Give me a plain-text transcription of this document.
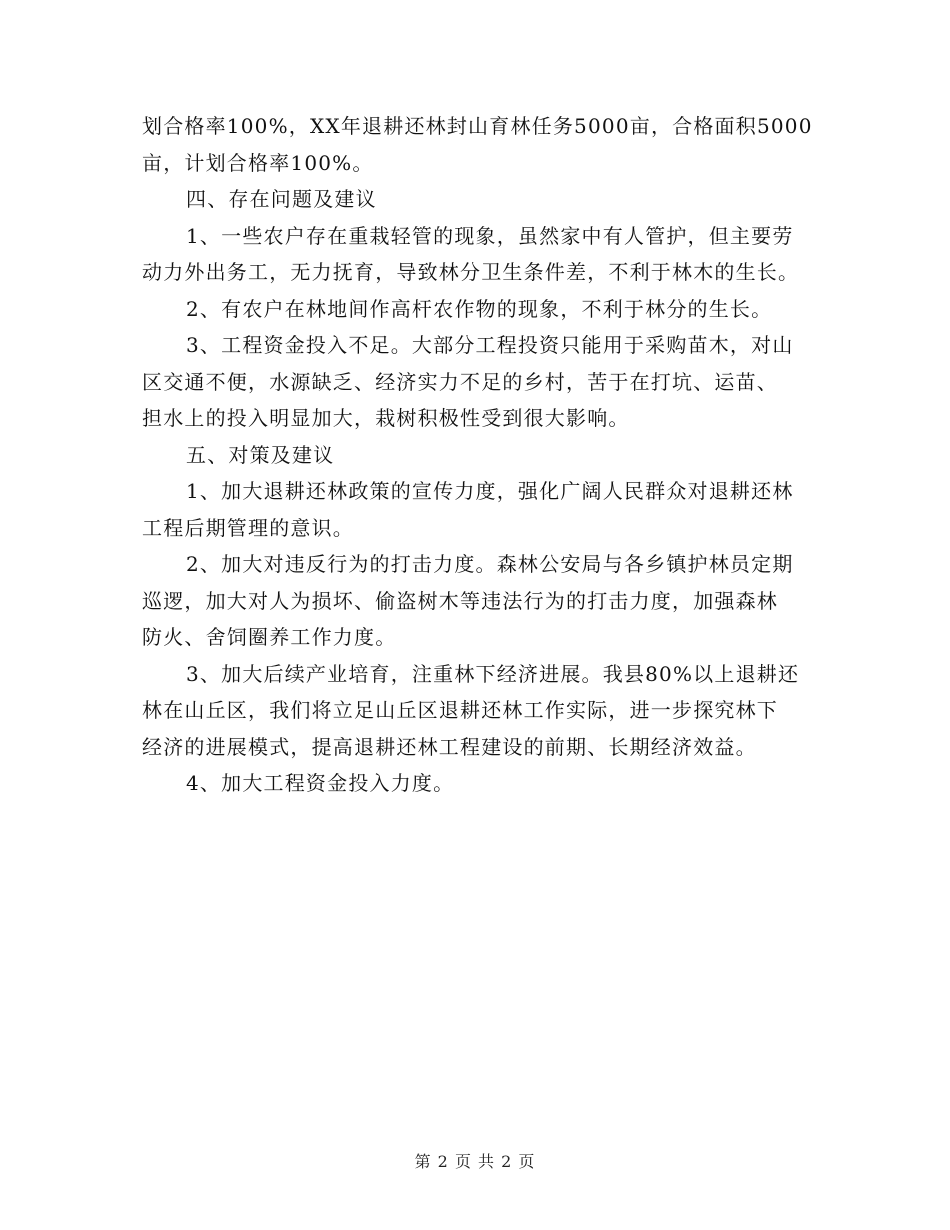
划合格率100%，XX年退耕还林封山育林任务5000亩，合格面积5000
亩，计划合格率100%。
四、存在问题及建议
1、一些农户存在重栽轻管的现象，虽然家中有人管护，但主要劳
动力外出务工，无力抚育，导致林分卫生条件差，不利于林木的生长。
2、有农户在林地间作高杆农作物的现象，不利于林分的生长。
3、工程资金投入不足。大部分工程投资只能用于采购苗木，对山
区交通不便，水源缺乏、经济实力不足的乡村，苦于在打坑、运苗、
担水上的投入明显加大，栽树积极性受到很大影响。
五、对策及建议
1、加大退耕还林政策的宣传力度，强化广阔人民群众对退耕还林
工程后期管理的意识。
2、加大对违反行为的打击力度。森林公安局与各乡镇护林员定期
巡逻，加大对人为损坏、偷盗树木等违法行为的打击力度，加强森林
防火、舍饲圈养工作力度。
3、加大后续产业培育，注重林下经济进展。我县80%以上退耕还
林在山丘区，我们将立足山丘区退耕还林工作实际，进一步探究林下
经济的进展模式，提高退耕还林工程建设的前期、长期经济效益。
4、加大工程资金投入力度。
第 2 页 共 2 页
